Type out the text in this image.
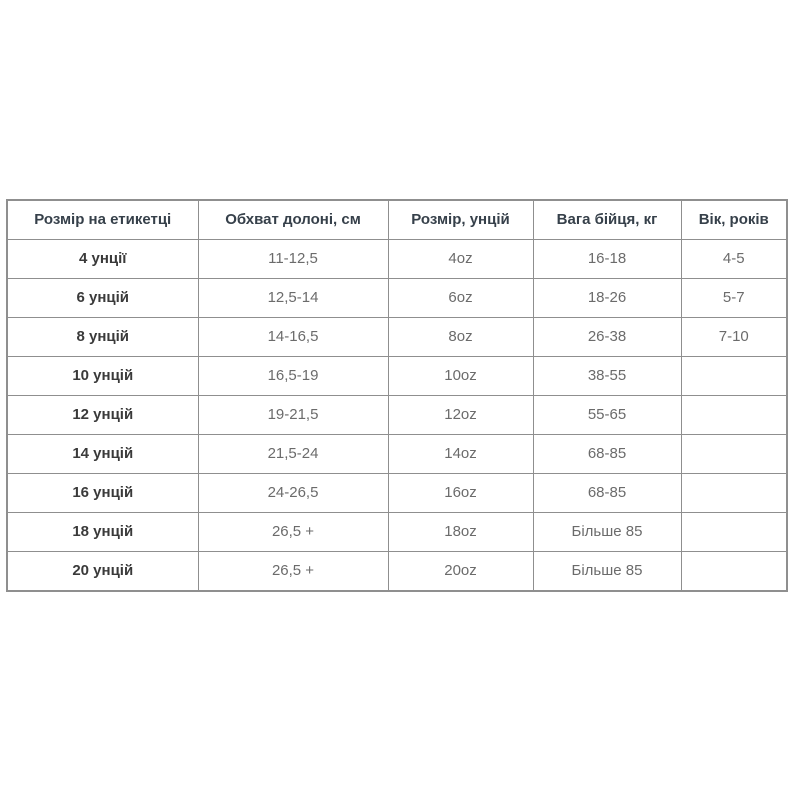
Розмір на етикетці	Обхват долоні, см	Розмір, унцій	Вага бійця, кг	Вік, років
4 унції	11-12,5	4oz	16-18	4-5
6 унцій	12,5-14	6oz	18-26	5-7
8 унцій	14-16,5	8oz	26-38	7-10
10 унцій	16,5-19	10oz	38-55	
12 унцій	19-21,5	12oz	55-65	
14 унцій	21,5-24	14oz	68-85	
16 унцій	24-26,5	16oz	68-85	
18 унцій	26,5 +	18oz	Більше 85	
20 унцій	26,5 +	20oz	Більше 85	
